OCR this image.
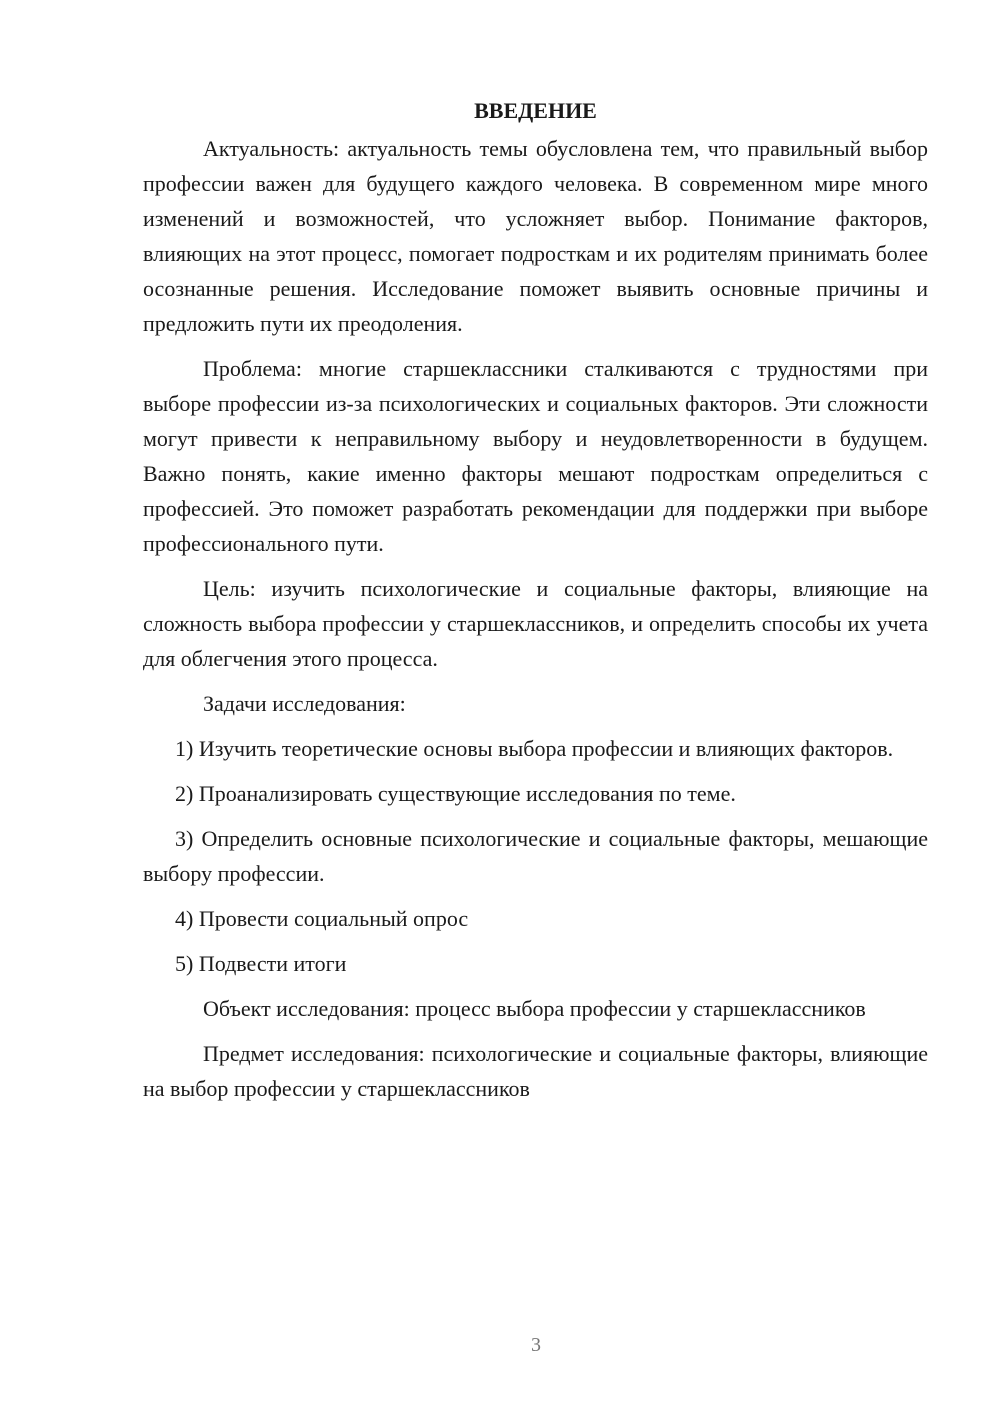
ВВЕДЕНИЕ

Актуальность: актуальность темы обусловлена тем, что правильный выбор профессии важен для будущего каждого человека. В современном мире много изменений и возможностей, что усложняет выбор. Понимание факторов, влияющих на этот процесс, помогает подросткам и их родителям принимать более осознанные решения. Исследование поможет выявить основные причины и предложить пути их преодоления.

Проблема: многие старшеклассники сталкиваются с трудностями при выборе профессии из-за психологических и социальных факторов. Эти сложности могут привести к неправильному выбору и неудовлетворенности в будущем. Важно понять, какие именно факторы мешают подросткам определиться с профессией. Это поможет разработать рекомендации для поддержки при выборе профессионального пути.

Цель: изучить психологические и социальные факторы, влияющие на сложность выбора профессии у старшеклассников, и определить способы их учета для облегчения этого процесса.

Задачи исследования:

1) Изучить теоретические основы выбора профессии и влияющих факторов.

2) Проанализировать существующие исследования по теме.

3) Определить основные психологические и социальные факторы, мешающие выбору профессии.

4) Провести социальный опрос

5) Подвести итоги

Объект исследования: процесс выбора профессии у старшеклассников

Предмет исследования: психологические и социальные факторы, влияющие на выбор профессии у старшеклассников

3
